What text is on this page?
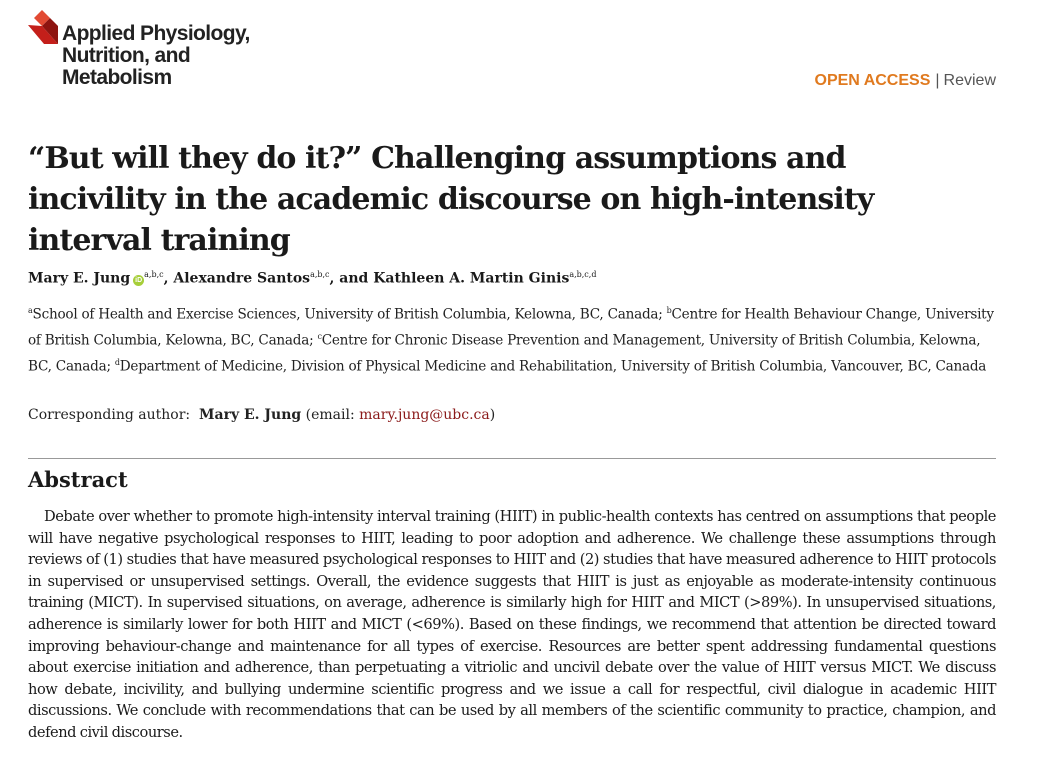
Applied Physiology,
Nutrition, and
Metabolism	OPEN ACCESS | Review
“But will they do it?” Challenging assumptions and incivility in the academic discourse on high-intensity interval training
Mary E. Jung iD$^{a,b,c}$, Alexandre Santos$^{a,b,c}$, and Kathleen A. Martin Ginis$^{a,b,c,d}$

$^a$School of Health and Exercise Sciences, University of British Columbia, Kelowna, BC, Canada; $^b$Centre for Health Behaviour Change, University of British Columbia, Kelowna, BC, Canada; $^c$Centre for Chronic Disease Prevention and Management, University of British Columbia, Kelowna, BC, Canada; $^d$Department of Medicine, Division of Physical Medicine and Rehabilitation, University of British Columbia, Vancouver, BC, Canada

Corresponding author: Mary E. Jung (email: mary.jung@ubc.ca)
Abstract

Debate over whether to promote high-intensity interval training (HIIT) in public-health contexts has centred on assumptions that people will have negative psychological responses to HIIT, leading to poor adoption and adherence. We challenge these assumptions through reviews of (1) studies that have measured psychological responses to HIIT and (2) studies that have measured adherence to HIIT protocols in supervised or unsupervised settings. Overall, the evidence suggests that HIIT is just as enjoyable as moderate-intensity continuous training (MICT). In supervised situations, on average, adherence is similarly high for HIIT and MICT (>89%). In unsupervised situations, adherence is similarly lower for both HIIT and MICT (<69%). Based on these findings, we recommend that attention be directed toward improving behaviour-change and maintenance for all types of exercise. Resources are better spent addressing fundamental questions about exercise initiation and adherence, than perpetuating a vitriolic and uncivil debate over the value of HIIT versus MICT. We discuss how debate, incivility, and bullying undermine scientific progress and we issue a call for respectful, civil dialogue in academic HIIT discussions. We conclude with recommendations that can be used by all members of the scientific community to practice, champion, and defend civil discourse.
